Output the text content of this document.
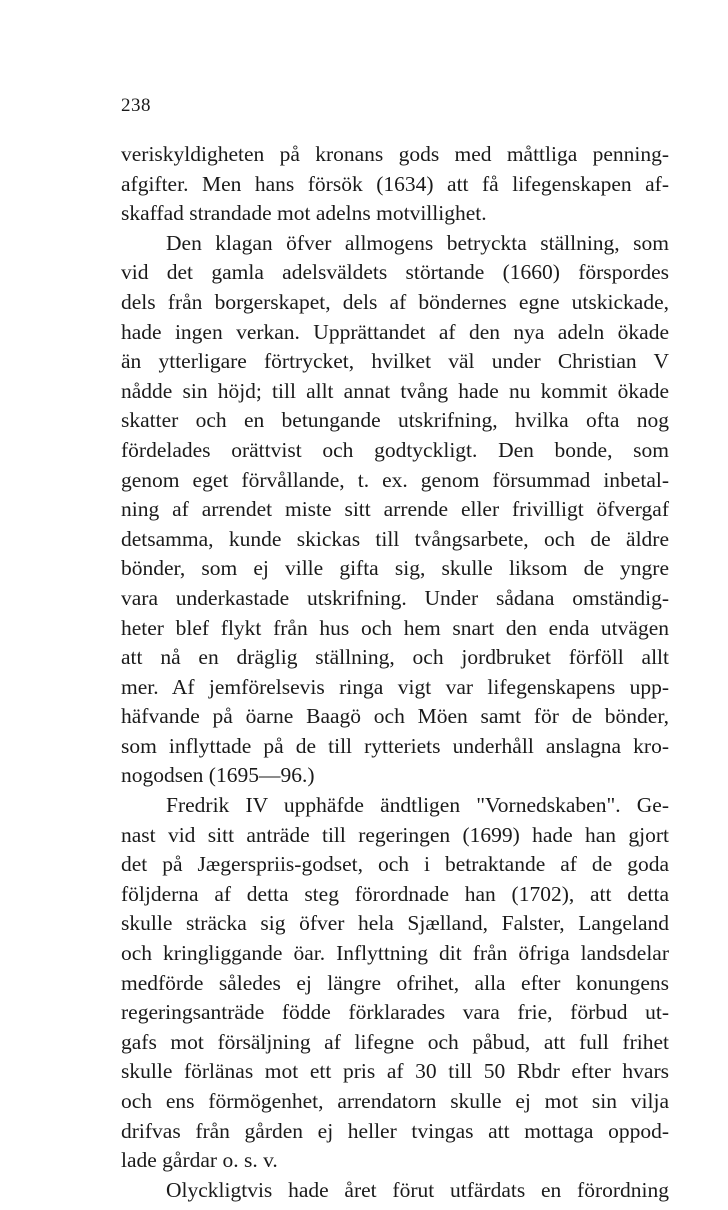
238
veriskyldigheten på kronans gods med måttliga penning-
afgifter. Men hans försök (1634) att få lifegenskapen af-
skaffad strandade mot adelns motvillighet.
Den klagan öfver allmogens betryckta ställning, som
vid det gamla adelsväldets störtande (1660) förspordes
dels från borgerskapet, dels af böndernes egne utskickade,
hade ingen verkan. Upprättandet af den nya adeln ökade
än ytterligare förtrycket, hvilket väl under Christian V
nådde sin höjd; till allt annat tvång hade nu kommit ökade
skatter och en betungande utskrifning, hvilka ofta nog
fördelades orättvist och godtyckligt. Den bonde, som
genom eget förvållande, t. ex. genom försummad inbetal-
ning af arrendet miste sitt arrende eller frivilligt öfvergaf
detsamma, kunde skickas till tvångsarbete, och de äldre
bönder, som ej ville gifta sig, skulle liksom de yngre
vara underkastade utskrifning. Under sådana omständig-
heter blef flykt från hus och hem snart den enda utvägen
att nå en dräglig ställning, och jordbruket förföll allt
mer. Af jemförelsevis ringa vigt var lifegenskapens upp-
häfvande på öarne Baagö och Möen samt för de bönder,
som inflyttade på de till rytteriets underhåll anslagna kro-
nogodsen (1695—96.)
Fredrik IV upphäfde ändtligen "Vornedskaben". Ge-
nast vid sitt anträde till regeringen (1699) hade han gjort
det på Jægerspriis-godset, och i betraktande af de goda
följderna af detta steg förordnade han (1702), att detta
skulle sträcka sig öfver hela Sjælland, Falster, Langeland
och kringliggande öar. Inflyttning dit från öfriga landsdelar
medförde således ej längre ofrihet, alla efter konungens
regeringsanträde födde förklarades vara frie, förbud ut-
gafs mot försäljning af lifegne och påbud, att full frihet
skulle förlänas mot ett pris af 30 till 50 Rbdr efter hvars
och ens förmögenhet, arrendatorn skulle ej mot sin vilja
drifvas från gården ej heller tvingas att mottaga oppod-
lade gårdar o. s. v.
Olyckligtvis hade året förut utfärdats en förordning
